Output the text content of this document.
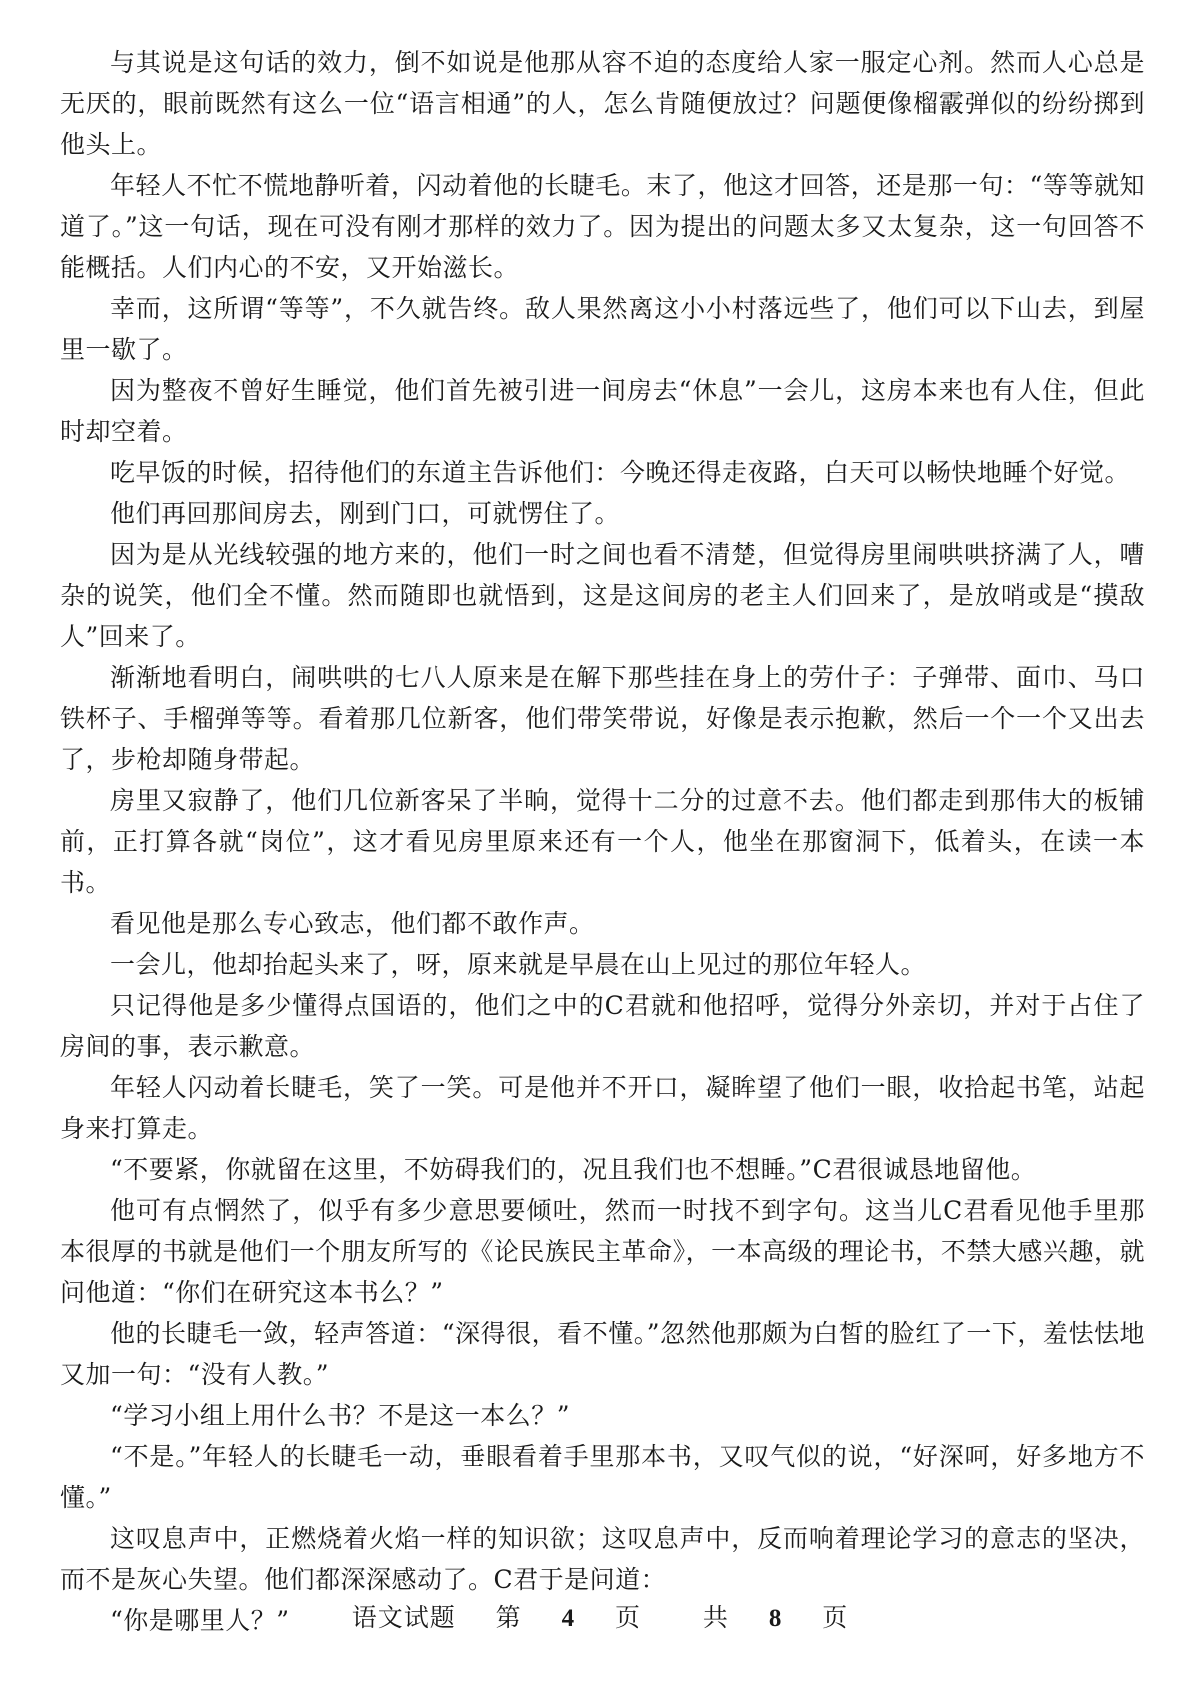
与其说是这句话的效力，倒不如说是他那从容不迫的态度给人家一服定心剂。然而人心总是无厌的，眼前既然有这么一位“语言相通”的人，怎么肯随便放过？问题便像榴霰弹似的纷纷掷到他头上。

年轻人不忙不慌地静听着，闪动着他的长睫毛。末了，他这才回答，还是那一句：“等等就知道了。”这一句话，现在可没有刚才那样的效力了。因为提出的问题太多又太复杂，这一句回答不能概括。人们内心的不安，又开始滋长。

幸而，这所谓“等等”，不久就告终。敌人果然离这小小村落远些了，他们可以下山去，到屋里一歇了。

因为整夜不曾好生睡觉，他们首先被引进一间房去“休息”一会儿，这房本来也有人住，但此时却空着。

吃早饭的时候，招待他们的东道主告诉他们：今晚还得走夜路，白天可以畅快地睡个好觉。

他们再回那间房去，刚到门口，可就愣住了。

因为是从光线较强的地方来的，他们一时之间也看不清楚，但觉得房里闹哄哄挤满了人，嘈杂的说笑，他们全不懂。然而随即也就悟到，这是这间房的老主人们回来了，是放哨或是“摸敌人”回来了。

渐渐地看明白，闹哄哄的七八人原来是在解下那些挂在身上的劳什子：子弹带、面巾、马口铁杯子、手榴弹等等。看着那几位新客，他们带笑带说，好像是表示抱歉，然后一个一个又出去了，步枪却随身带起。

房里又寂静了，他们几位新客呆了半晌，觉得十二分的过意不去。他们都走到那伟大的板铺前，正打算各就“岗位”，这才看见房里原来还有一个人，他坐在那窗洞下，低着头，在读一本书。

看见他是那么专心致志，他们都不敢作声。

一会儿，他却抬起头来了，呀，原来就是早晨在山上见过的那位年轻人。

只记得他是多少懂得点国语的，他们之中的C君就和他招呼，觉得分外亲切，并对于占住了房间的事，表示歉意。

年轻人闪动着长睫毛，笑了一笑。可是他并不开口，凝眸望了他们一眼，收拾起书笔，站起身来打算走。

“不要紧，你就留在这里，不妨碍我们的，况且我们也不想睡。”C君很诚恳地留他。

他可有点惘然了，似乎有多少意思要倾吐，然而一时找不到字句。这当儿C君看见他手里那本很厚的书就是他们一个朋友所写的《论民族民主革命》，一本高级的理论书，不禁大感兴趣，就问他道：“你们在研究这本书么？”

他的长睫毛一敛，轻声答道：“深得很，看不懂。”忽然他那颇为白皙的脸红了一下，羞怯怯地又加一句：“没有人教。”

“学习小组上用什么书？不是这一本么？”

“不是。”年轻人的长睫毛一动，垂眼看着手里那本书，又叹气似的说，“好深呵，好多地方不懂。”

这叹息声中，正燃烧着火焰一样的知识欲；这叹息声中，反而响着理论学习的意志的坚决，而不是灰心失望。他们都深深感动了。C君于是问道：

“你是哪里人？”	语文试题 第 4 页 共 8 页
